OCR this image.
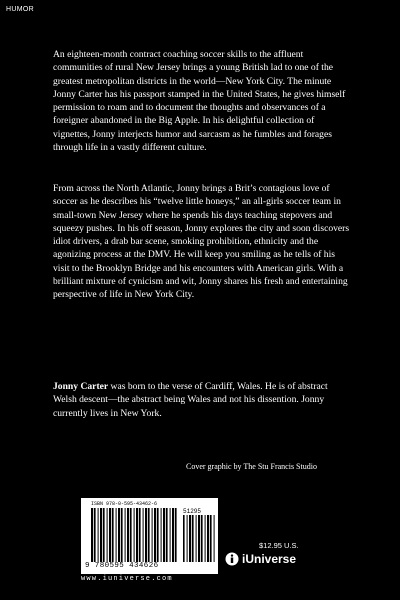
HUMOR

An eighteen-month contract coaching soccer skills to the affluent communities of rural New Jersey brings a young British lad to one of the greatest metropolitan districts in the world—New York City. The minute Jonny Carter has his passport stamped in the United States, he gives himself permission to roam and to document the thoughts and observances of a foreigner abandoned in the Big Apple. In his delightful collection of vignettes, Jonny interjects humor and sarcasm as he fumbles and forages through life in a vastly different culture.

From across the North Atlantic, Jonny brings a Brit’s contagious love of soccer as he describes his “twelve little honeys,” an all-girls soccer team in small-town New Jersey where he spends his days teaching stepovers and squeezy pushes. In his off season, Jonny explores the city and soon discovers idiot drivers, a drab bar scene, smoking prohibition, ethnicity and the agonizing process at the DMV. He will keep you smiling as he tells of his visit to the Brooklyn Bridge and his encounters with American girls. With a brilliant mixture of cynicism and wit, Jonny shares his fresh and entertaining perspective of life in New York City.

Jonny Carter was born to the verse of Cardiff, Wales. He is of abstract Welsh descent—the abstract being Wales and not his dissention. Jonny currently lives in New York.

Cover graphic by The Stu Francis Studio
ISBN 978-0-595-43462-6
51295
9 780595 434626
www.iuniverse.com
$12.95 U.S.
iUniverse
